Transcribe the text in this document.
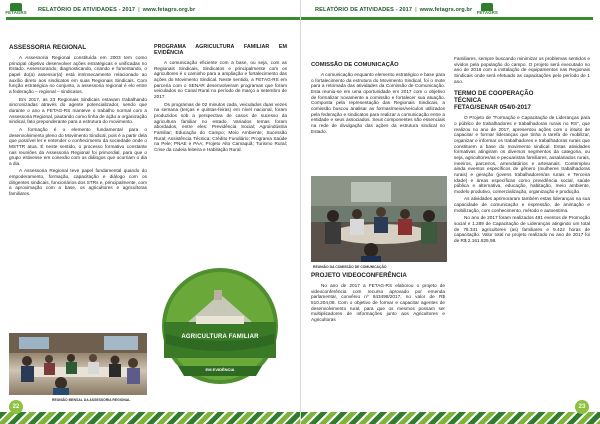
FETAGRS
RELATÓRIO DE ATIVIDADES - 2017 | www.fetagrs.org.br
ASSESSORIA REGIONAL

A Assessoria Regional constituída em 2003 tem como principal objetivo desenvolver ações estratégicas e unificadas no Estado. Assessorando, diagnosticando, criando e fomentando, o papel do(a) assessor(a) está intrinsecamente relacionado ao auxílio direto aos sindicatos em suas Regionais Sindicais. Com função estratégica no conjunto, a assessoria regional é elo entre a federação – regional – sindicatos.

Em 2017, as 23 Regionais Sindicais estavam trabalhando sincronizadas através do agente potencializador, sendo que durante o ano a FETAG-RS manteve o trabalho normal com a Assessoria Regional, pautando como linha de ação a organização sindical, fato preponderante para a estrutura do movimento.

A formação é o elemento fundamental para o desenvolvimento pleno do Movimento Sindical, pois é a partir dela que possível ler e entender o conhecimento da sociedade onde o MSTTR atua. É neste sentido, o processo formativo constante nas reuniões da Assessoria Regional foi primordial, para que o grupo estivesse em conexão com os diálogos que ocorriam o dia a dia.

A Assessoria Regional teve papel fundamental quando do empoderamento, formação, capacitação e diálogo com os dirigentes sindicais, funcionários dos STRs e, principalmente, com a aproximação com a base, os agricultores e agricultoras familiares.

REUNIÃO MENSAL DA ASSESSORIA REGIONAL
PROGRAMA AGRICULTURA FAMILIAR EM EVIDÊNCIA

A comunicação eficiente com a base, ou seja, com as Regionais Sindicais, Sindicatos e principalmente com os agricultores é o caminho para a ampliação e fortalecimento das ações do Movimento Sindical. Neste sentido, a FETAG-RS em parceria com o SENAR desenvolveram programas que foram veiculados no Canal Rural no período de março a setembro de 2017.

Os programas de 02 minutos cada, veiculados duas vezes na semana (terças e quintas-feiras) em nível nacional, foram produzidos sob a perspectiva de casos de sucesso da agricultura familiar no estado. Variados temas foram abordados, entre eles: Previdência Social; Agroindústria Familiar; Educação do Campo; Meio Ambiente; Sucessão Rural; Assistência Técnica; Crédito Fundiário; Programa Saúde na Pele; PNAE e PAA; Projeto Alto Camaquã; Turismo Rural; Crise da cadeia leiteira e Habitação Rural.

AGRICULTURA FAMILIAR
EM EVIDÊNCIA
22
RELATÓRIO DE ATIVIDADES - 2017 | www.fetagrs.org.br
FETAGRS
COMISSÃO DE COMUNICAÇÃO

A comunicação enquanto elemento estratégico e base para o fortalecimento da estrutura do Movimento Sindical, foi o mote para a retomada das atividades da Comissão de Comunicação. Esta reuniu-se em uma oportunidade em 2017 com o objetivo de formalizar novamente a comissão e fortalecer sua atuação. Composta pela representação das Regionais Sindicais, a comissão buscou analisar as formas/meios/veículos utilizados pela federação e sindicatos para realizar a comunicação entre a entidade e seus associados. Seus componentes são essenciais na rede de divulgação das ações da estrutura sindical no Estado.

REUNIÃO DA COMISSÃO DE COMUNICAÇÃO
PROJETO VIDEOCONFERÊNCIA

No ano de 2017 a FETAG-RS elaborou o projeto de videoconferência com recurso aprovado por emenda parlamentar, convênio nº 843498/2017, no valor de R$ 510.204,08. Com o objetivo de formar e capacitar agentes de desenvolvimento rural, para que os mesmos possam ser multiplicadores de informações junto aos Agricultores e Agricultoras

Familiares, sempre buscando minimizar os problemas sentidos e vividos pela população do campo. O projeto será executado no ano de 2018 com a instalação de equipamentos nas Regionais Sindicais onde será efetuado as capacitações pelo período de 1 ano.

TERMO DE COOPERAÇÃO
TÉCNICA
FETAG/SENAR 054/0-2017

O Projeto de "Formação e Capacitação de Lideranças para o público de trabalhadores e trabalhadoras rurais no RS", que realizou no ano de 2017, apresentou ações com o intuito de capacitar e formar lideranças que tinha a tarefa de mobilizar, organizar e informar os trabalhadores e trabalhadoras rurais que constituem a base do movimento sindical. Estas atividades formativas atingiram os diversos segmentos da categoria, ou seja, agricultores/as e pecuaristas familiares, assalariados rurais, meeiros, parceiros, arrendatários e artesanais. Contemplou ainda eventos específicos de gênero (mulheres trabalhadoras rurais) e geração (jovens trabalhadores/as rurais e Terceira Idade) e áreas específicas como previdência social, saúde pública e alternativa, educação, habitação, meio ambiente, modelo produtivo, comercialização, organização e produção.

As atividades aprimoraram também estas lideranças na sua capacidade de comunicação e expressão, de animação e mobilização, com conhecimento, método e autoestima.

No ano de 2017 foram realizados 481 eventos de Promoção social e 1.289 de Capacitação de Lideranças atingindo um total de 78.341 agricultores (as) familiares e 9.422 horas de capacitação. Valor total no projeto realizado no ano de 2017 foi de R$ 2.161.825,98.

23
